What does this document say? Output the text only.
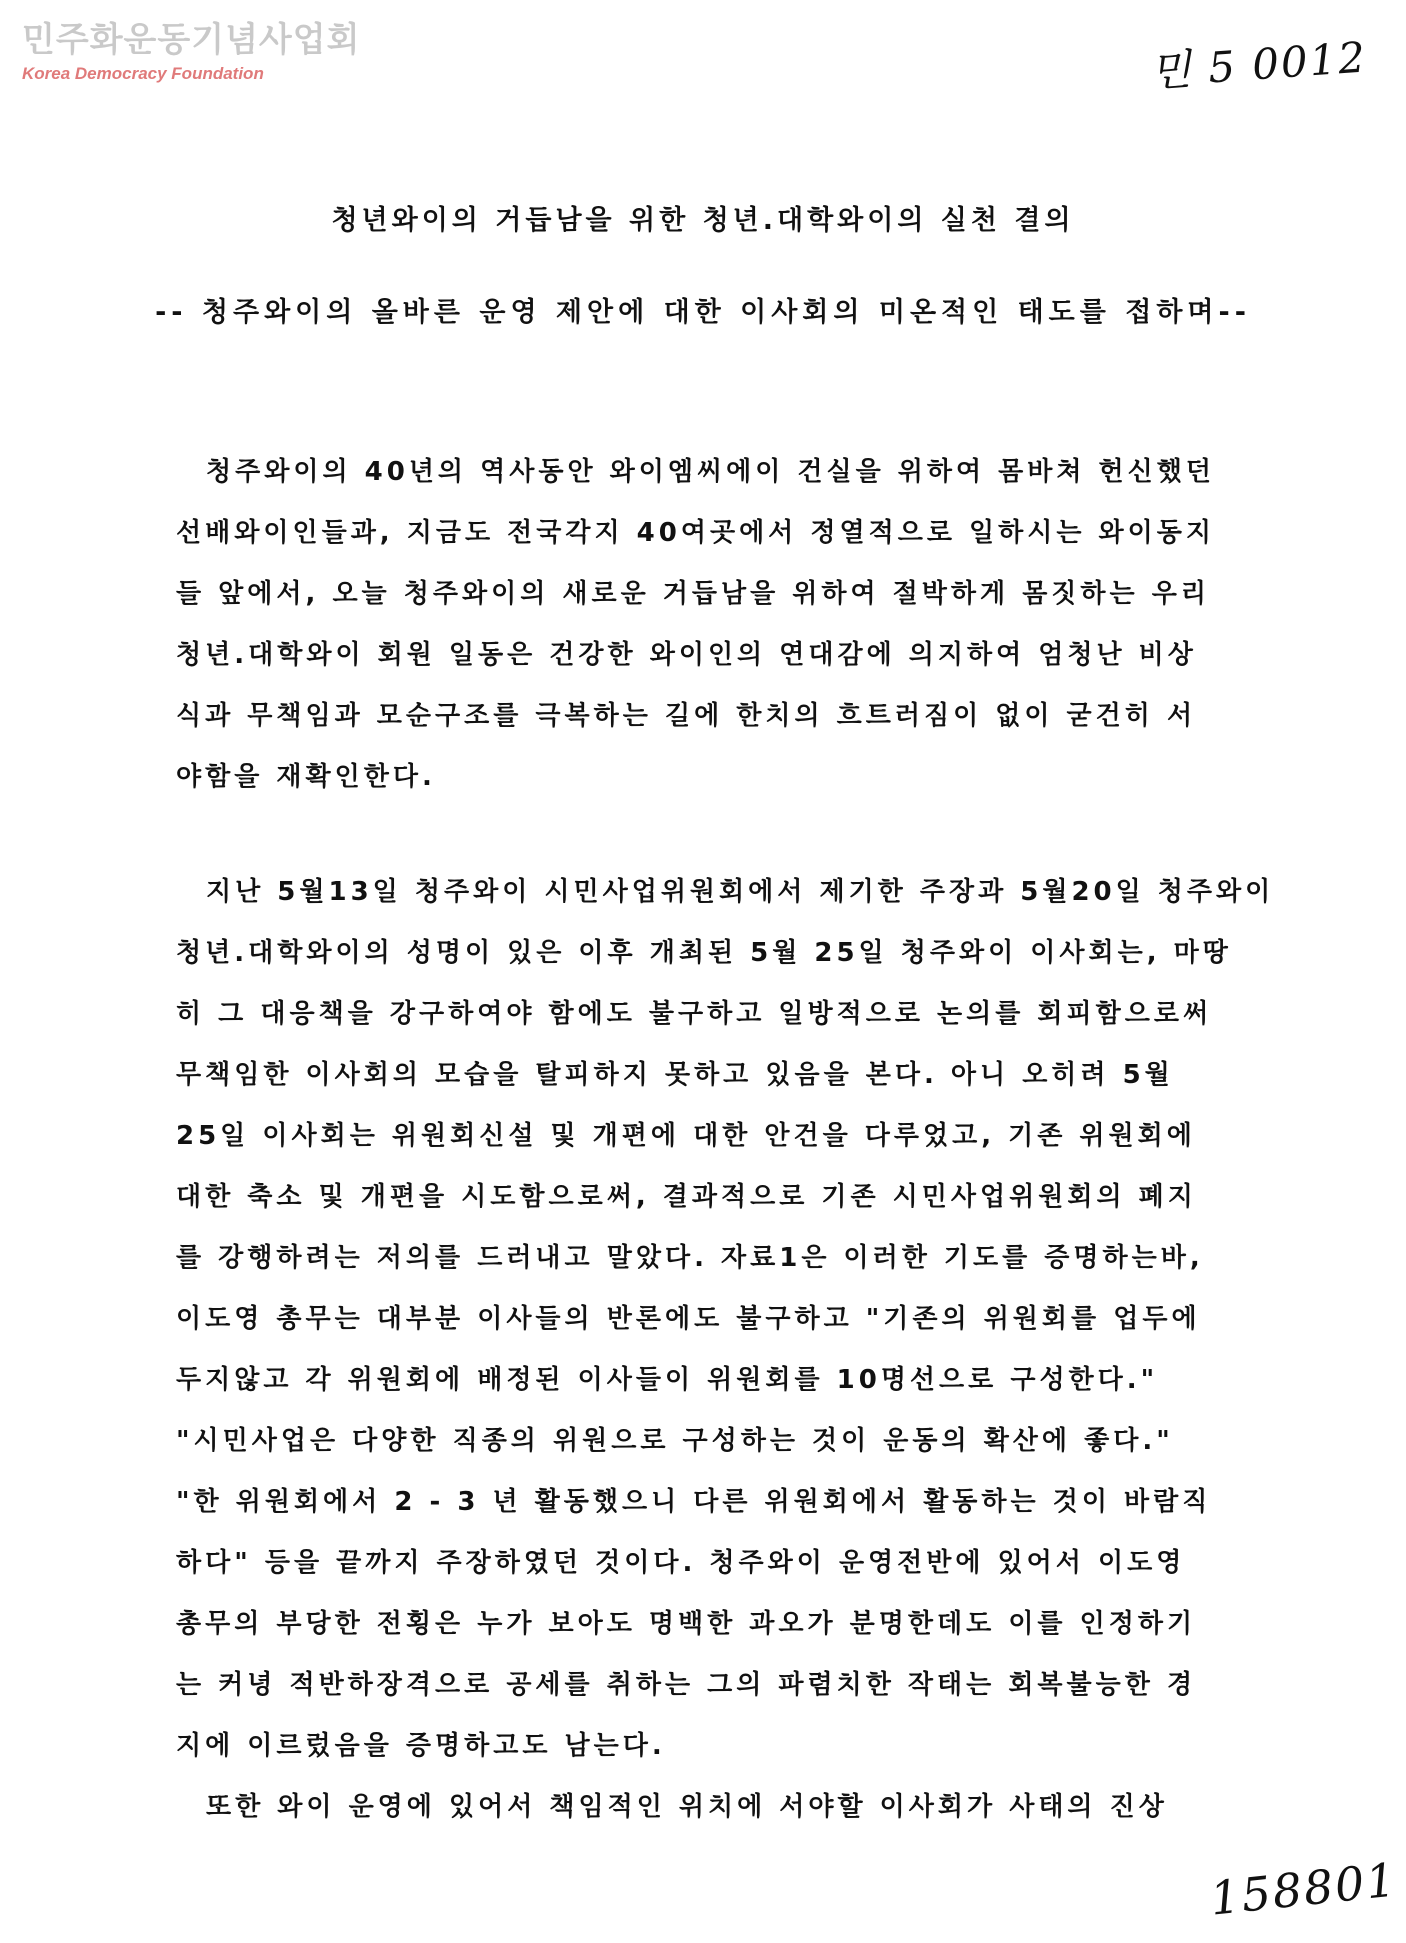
민주화운동기념사업회
Korea Democracy Foundation	민 5 0012
청년와이의 거듭남을 위한 청년.대학와이의 실천 결의
-- 청주와이의 올바른 운영 제안에 대한 이사회의 미온적인 태도를 접하며--
청주와이의 40년의 역사동안 와이엠씨에이 건실을 위하여 몸바쳐 헌신했던
선배와이인들과, 지금도 전국각지 40여곳에서 정열적으로 일하시는 와이동지
들 앞에서, 오늘 청주와이의 새로운 거듭남을 위하여 절박하게 몸짓하는 우리
청년.대학와이 회원 일동은 건강한 와이인의 연대감에 의지하여 엄청난 비상
식과 무책임과 모순구조를 극복하는 길에 한치의 흐트러짐이 없이 굳건히 서
야함을 재확인한다.
지난 5월13일 청주와이 시민사업위원회에서 제기한 주장과 5월20일 청주와이
청년.대학와이의 성명이 있은 이후 개최된 5월 25일 청주와이 이사회는, 마땅
히 그 대응책을 강구하여야 함에도 불구하고 일방적으로 논의를 회피함으로써
무책임한 이사회의 모습을 탈피하지 못하고 있음을 본다. 아니 오히려 5월
25일 이사회는 위원회신설 및 개편에 대한 안건을 다루었고, 기존 위원회에
대한 축소 및 개편을 시도함으로써, 결과적으로 기존 시민사업위원회의 폐지
를 강행하려는 저의를 드러내고 말았다. 자료1은 이러한 기도를 증명하는바,
이도영 총무는 대부분 이사들의 반론에도 불구하고 "기존의 위원회를 업두에
두지않고 각 위원회에 배정된 이사들이 위원회를 10명선으로 구성한다."
"시민사업은 다양한 직종의 위원으로 구성하는 것이 운동의 확산에 좋다."
"한 위원회에서 2 - 3 년 활동했으니 다른 위원회에서 활동하는 것이 바람직
하다" 등을 끝까지 주장하였던 것이다. 청주와이 운영전반에 있어서 이도영
총무의 부당한 전횡은 누가 보아도 명백한 과오가 분명한데도 이를 인정하기
는 커녕 적반하장격으로 공세를 취하는 그의 파렴치한 작태는 회복불능한 경
지에 이르렀음을 증명하고도 남는다.
또한 와이 운영에 있어서 책임적인 위치에 서야할 이사회가 사태의 진상
158801
